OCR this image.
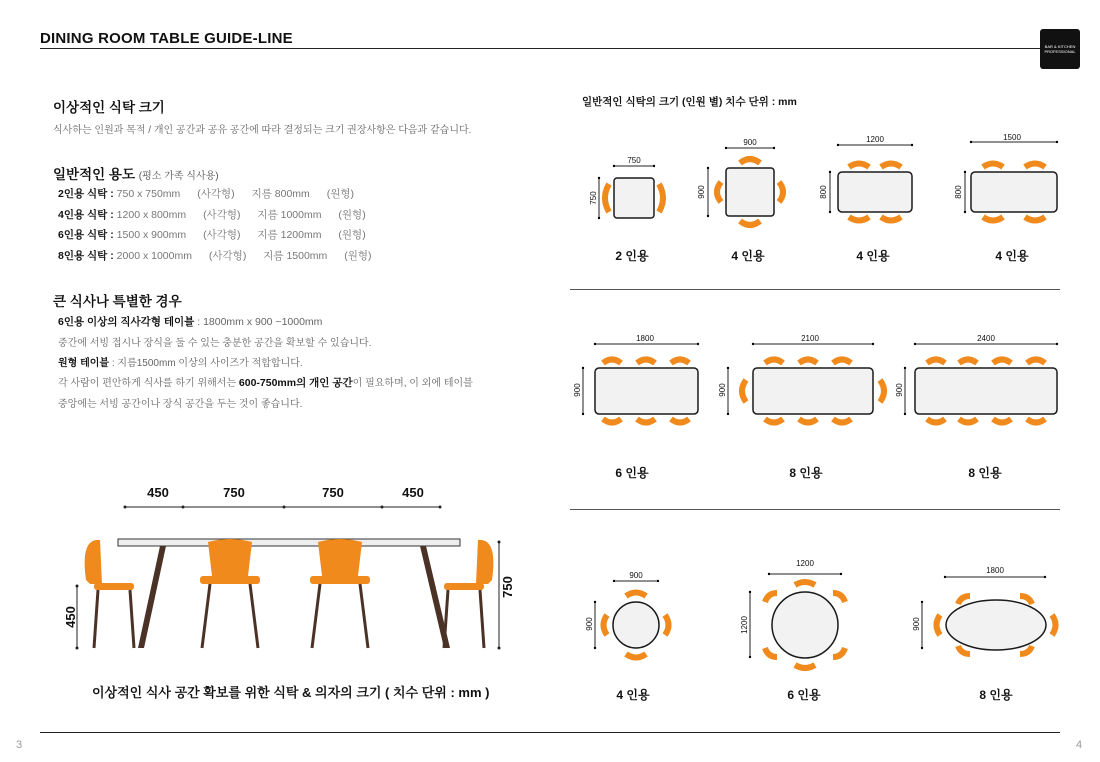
DINING ROOM TABLE GUIDE-LINE	BAR & KITCHEN PROFESSIONAL
이상적인 식탁 크기
식사하는 인원과 목적 / 개인 공간과 공유 공간에 따라 결정되는 크기 권장사항은 다음과 같습니다.
일반적인 용도 (평소 가족 식사용)
2인용 식탁 : 750 x 750mm (사각형) 지름 800mm (원형)
4인용 식탁 : 1200 x 800mm (사각형) 지름 1000mm (원형)
6인용 식탁 : 1500 x 900mm (사각형) 지름 1200mm (원형)
8인용 식탁 : 2000 x 1000mm (사각형) 지름 1500mm (원형)
큰 식사나 특별한 경우
6인용 이상의 직사각형 테이블 : 1800mm x 900 ~1000mm
중간에 서빙 접시나 장식을 둘 수 있는 충분한 공간을 확보할 수 있습니다.
원형 테이블 : 지름1500mm 이상의 사이즈가 적합합니다.
각 사람이 편안하게 식사를 하기 위해서는 600-750mm의 개인 공간이 필요하며, 이 외에 테이블
중앙에는 서빙 공간이나 장식 공간을 두는 것이 좋습니다.
450	750	750	450
450
750
이상적인 식사 공간 확보를 위한 식탁 & 의자의 크기 ( 치수 단위 : mm )
일반적인 식탁의 크기 (인원 별) 치수 단위 : mm
750
750
900
900
1200
800
1500
800
2 인용	4 인용	4 인용	4 인용
1800
900
2100
900
2400
900
6 인용	8 인용	8 인용
900
900
1200
1200
1800
900
4 인용	6 인용	8 인용
3	4
